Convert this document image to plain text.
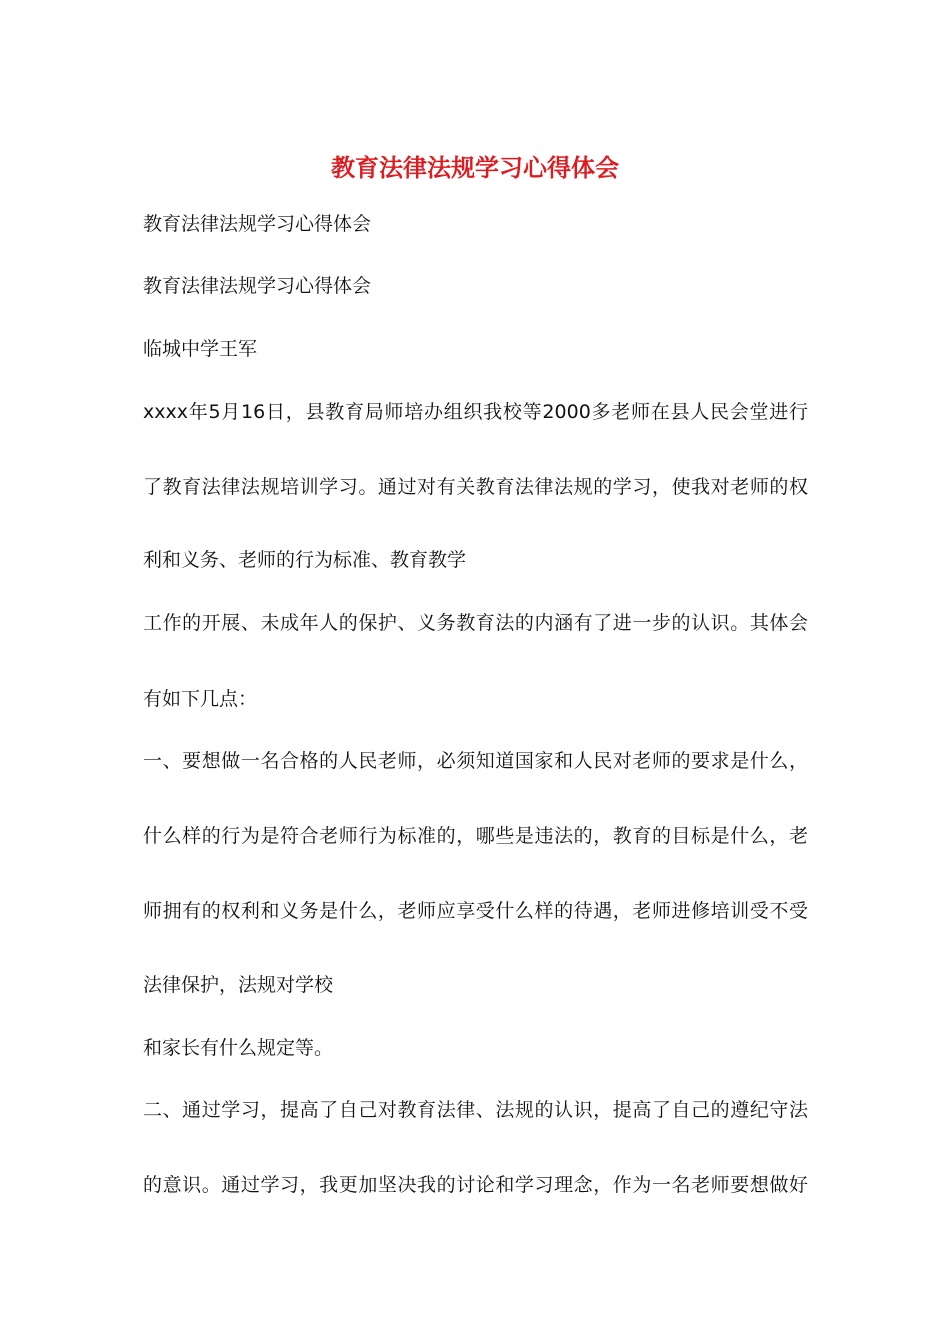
教育法律法规学习心得体会
教育法律法规学习心得体会
教育法律法规学习心得体会
临城中学王军
xxxx年5月16日，县教育局师培办组织我校等2000多老师在县人民会堂进行
了教育法律法规培训学习。通过对有关教育法律法规的学习，使我对老师的权
利和义务、老师的行为标准、教育教学
工作的开展、未成年人的保护、义务教育法的内涵有了进一步的认识。其体会
有如下几点：
一、要想做一名合格的人民老师，必须知道国家和人民对老师的要求是什么，
什么样的行为是符合老师行为标准的，哪些是违法的，教育的目标是什么，老
师拥有的权利和义务是什么，老师应享受什么样的待遇，老师进修培训受不受
法律保护，法规对学校
和家长有什么规定等。
二、通过学习，提高了自己对教育法律、法规的认识，提高了自己的遵纪守法
的意识。通过学习，我更加坚决我的讨论和学习理念，作为一名老师要想做好
